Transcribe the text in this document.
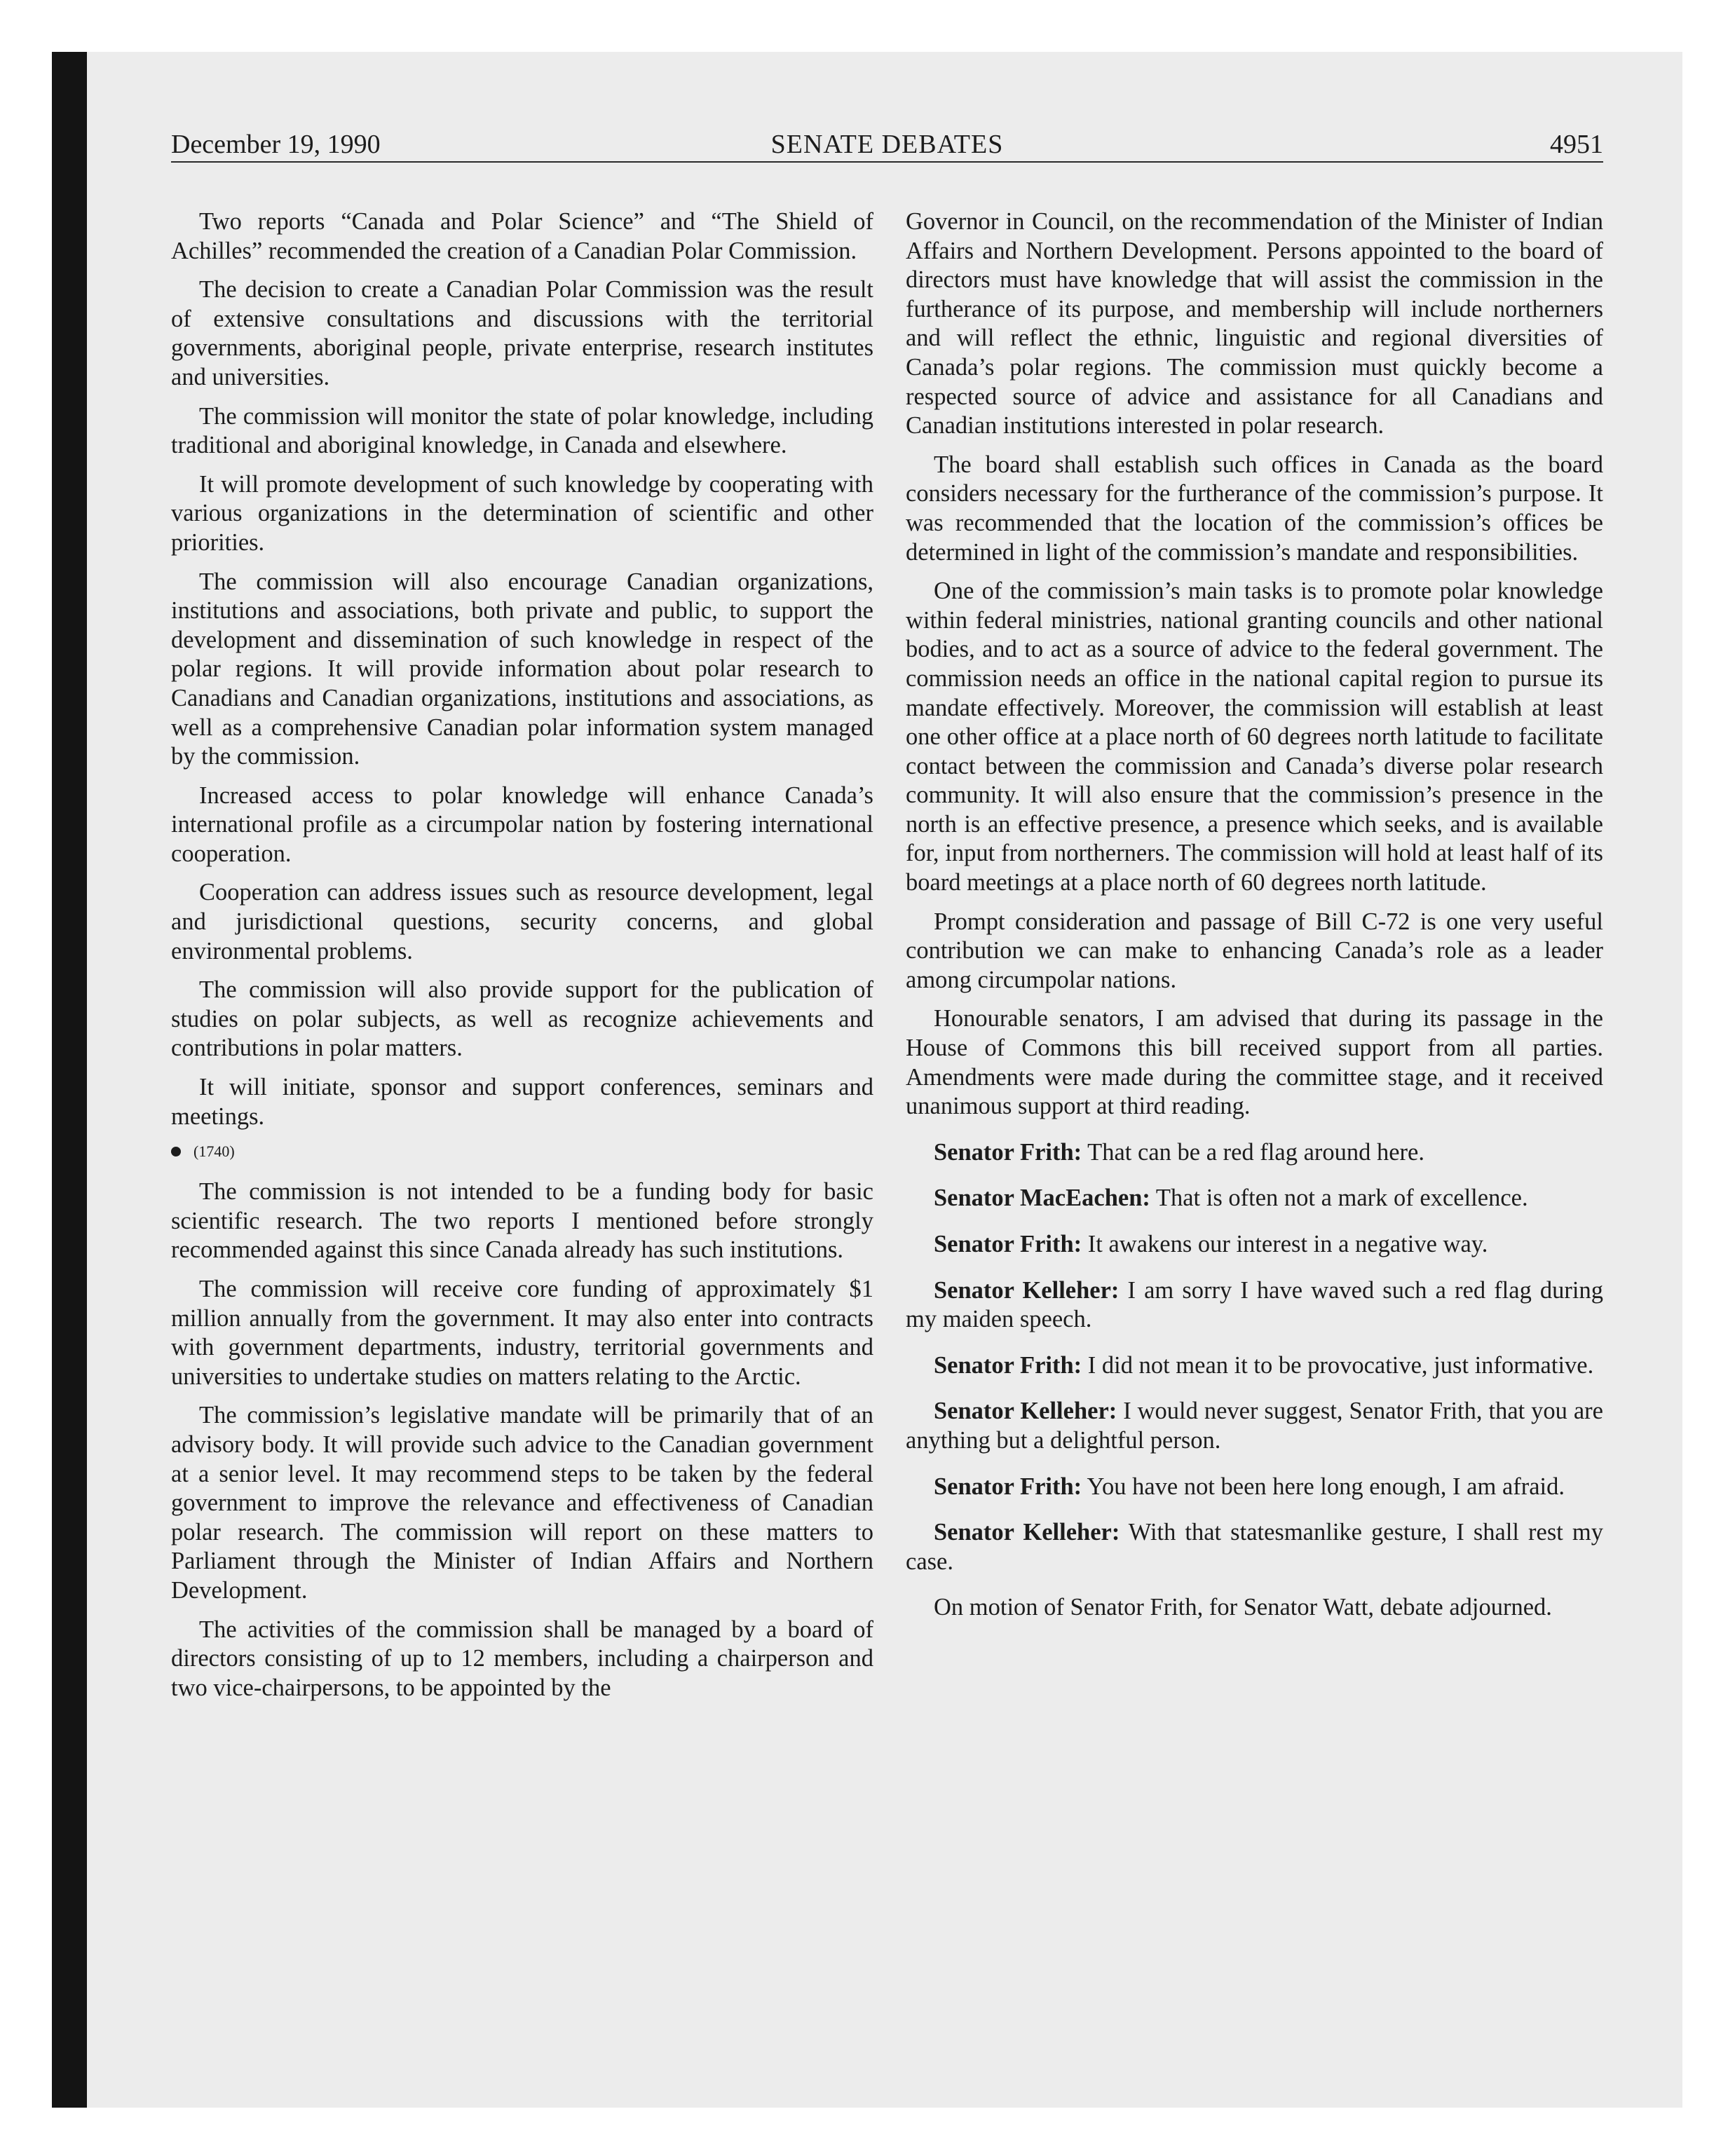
December 19, 1990	SENATE DEBATES	4951

Two reports “Canada and Polar Science” and “The Shield of Achilles” recommended the creation of a Canadian Polar Commission.

The decision to create a Canadian Polar Commission was the result of extensive consultations and discussions with the territorial governments, aboriginal people, private enterprise, research institutes and universities.

The commission will monitor the state of polar knowledge, including traditional and aboriginal knowledge, in Canada and elsewhere.

It will promote development of such knowledge by cooperating with various organizations in the determination of scientific and other priorities.

The commission will also encourage Canadian organizations, institutions and associations, both private and public, to support the development and dissemination of such knowledge in respect of the polar regions. It will provide information about polar research to Canadians and Canadian organizations, institutions and associations, as well as a comprehensive Canadian polar information system managed by the commission.

Increased access to polar knowledge will enhance Canada’s international profile as a circumpolar nation by fostering international cooperation.

Cooperation can address issues such as resource development, legal and jurisdictional questions, security concerns, and global environmental problems.

The commission will also provide support for the publication of studies on polar subjects, as well as recognize achievements and contributions in polar matters.

It will initiate, sponsor and support conferences, seminars and meetings.

(1740)

The commission is not intended to be a funding body for basic scientific research. The two reports I mentioned before strongly recommended against this since Canada already has such institutions.

The commission will receive core funding of approximately $1 million annually from the government. It may also enter into contracts with government departments, industry, territorial governments and universities to undertake studies on matters relating to the Arctic.

The commission’s legislative mandate will be primarily that of an advisory body. It will provide such advice to the Canadian government at a senior level. It may recommend steps to be taken by the federal government to improve the relevance and effectiveness of Canadian polar research. The commission will report on these matters to Parliament through the Minister of Indian Affairs and Northern Development.

The activities of the commission shall be managed by a board of directors consisting of up to 12 members, including a chairperson and two vice-chairpersons, to be appointed by the

Governor in Council, on the recommendation of the Minister of Indian Affairs and Northern Development. Persons appointed to the board of directors must have knowledge that will assist the commission in the furtherance of its purpose, and membership will include northerners and will reflect the ethnic, linguistic and regional diversities of Canada’s polar regions. The commission must quickly become a respected source of advice and assistance for all Canadians and Canadian institutions interested in polar research.

The board shall establish such offices in Canada as the board considers necessary for the furtherance of the commission’s purpose. It was recommended that the location of the commission’s offices be determined in light of the commission’s mandate and responsibilities.

One of the commission’s main tasks is to promote polar knowledge within federal ministries, national granting councils and other national bodies, and to act as a source of advice to the federal government. The commission needs an office in the national capital region to pursue its mandate effectively. Moreover, the commission will establish at least one other office at a place north of 60 degrees north latitude to facilitate contact between the commission and Canada’s diverse polar research community. It will also ensure that the commission’s presence in the north is an effective presence, a presence which seeks, and is available for, input from northerners. The commission will hold at least half of its board meetings at a place north of 60 degrees north latitude.

Prompt consideration and passage of Bill C-72 is one very useful contribution we can make to enhancing Canada’s role as a leader among circumpolar nations.

Honourable senators, I am advised that during its passage in the House of Commons this bill received support from all parties. Amendments were made during the committee stage, and it received unanimous support at third reading.

Senator Frith: That can be a red flag around here.

Senator MacEachen: That is often not a mark of excellence.

Senator Frith: It awakens our interest in a negative way.

Senator Kelleher: I am sorry I have waved such a red flag during my maiden speech.

Senator Frith: I did not mean it to be provocative, just informative.

Senator Kelleher: I would never suggest, Senator Frith, that you are anything but a delightful person.

Senator Frith: You have not been here long enough, I am afraid.

Senator Kelleher: With that statesmanlike gesture, I shall rest my case.

On motion of Senator Frith, for Senator Watt, debate adjourned.
